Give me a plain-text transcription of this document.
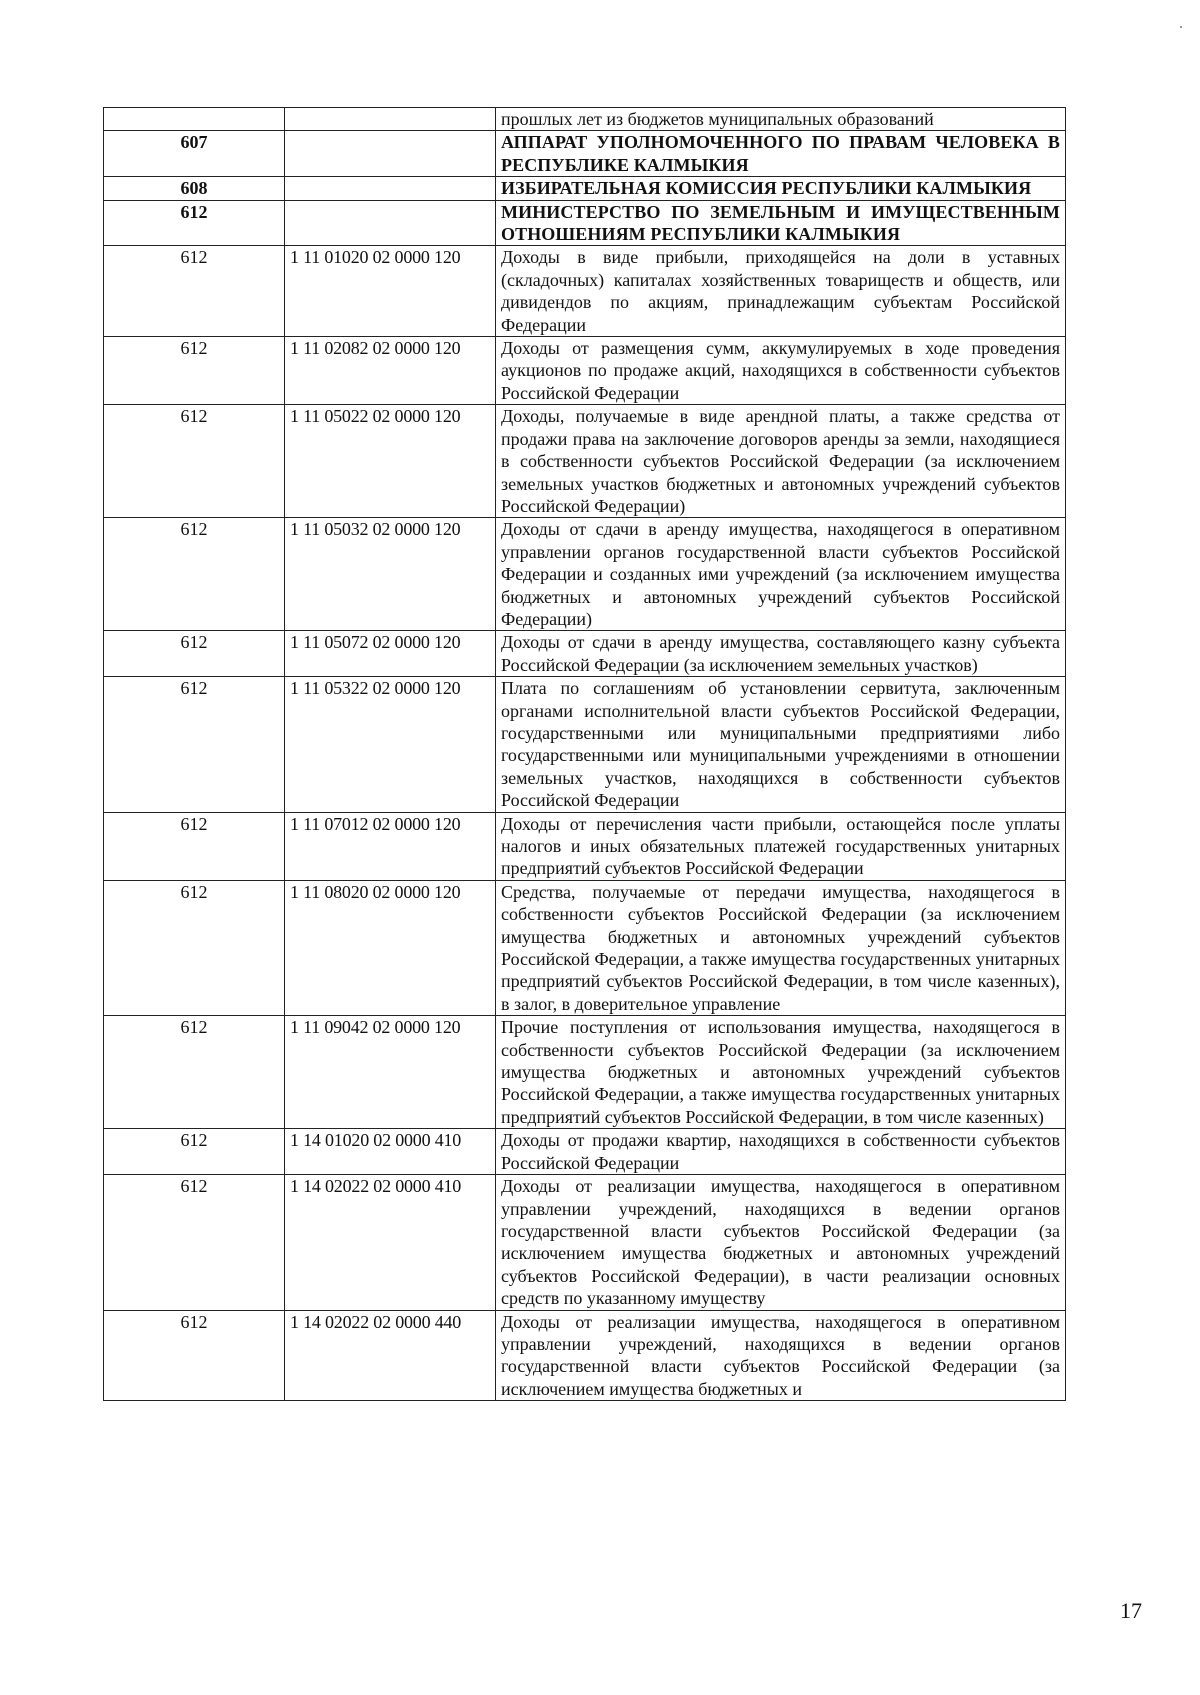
		прошлых лет из бюджетов муниципальных образований
607		АППАРАТ УПОЛНОМОЧЕННОГО ПО ПРАВАМ ЧЕЛОВЕКА В РЕСПУБЛИКЕ КАЛМЫКИЯ
608		ИЗБИРАТЕЛЬНАЯ КОМИССИЯ РЕСПУБЛИКИ КАЛМЫКИЯ
612		МИНИСТЕРСТВО ПО ЗЕМЕЛЬНЫМ И ИМУЩЕСТВЕННЫМ ОТНОШЕНИЯМ РЕСПУБЛИКИ КАЛМЫКИЯ
612	1 11 01020 02 0000 120	Доходы в виде прибыли, приходящейся на доли в уставных (складочных) капиталах хозяйственных товариществ и обществ, или дивидендов по акциям, принадлежащим субъектам Российской Федерации
612	1 11 02082 02 0000 120	Доходы от размещения сумм, аккумулируемых в ходе проведения аукционов по продаже акций, находящихся в собственности субъектов Российской Федерации
612	1 11 05022 02 0000 120	Доходы, получаемые в виде арендной платы, а также средства от продажи права на заключение договоров аренды за земли, находящиеся в собственности субъектов Российской Федерации (за исключением земельных участков бюджетных и автономных учреждений субъектов Российской Федерации)
612	1 11 05032 02 0000 120	Доходы от сдачи в аренду имущества, находящегося в оперативном управлении органов государственной власти субъектов Российской Федерации и созданных ими учреждений (за исключением имущества бюджетных и автономных учреждений субъектов Российской Федерации)
612	1 11 05072 02 0000 120	Доходы от сдачи в аренду имущества, составляющего казну субъекта Российской Федерации (за исключением земельных участков)
612	1 11 05322 02 0000 120	Плата по соглашениям об установлении сервитута, заключенным органами исполнительной власти субъектов Российской Федерации, государственными или муниципальными предприятиями либо государственными или муниципальными учреждениями в отношении земельных участков, находящихся в собственности субъектов Российской Федерации
612	1 11 07012 02 0000 120	Доходы от перечисления части прибыли, остающейся после уплаты налогов и иных обязательных платежей государственных унитарных предприятий субъектов Российской Федерации
612	1 11 08020 02 0000 120	Средства, получаемые от передачи имущества, находящегося в собственности субъектов Российской Федерации (за исключением имущества бюджетных и автономных учреждений субъектов Российской Федерации, а также имущества государственных унитарных предприятий субъектов Российской Федерации, в том числе казенных), в залог, в доверительное управление
612	1 11 09042 02 0000 120	Прочие поступления от использования имущества, находящегося в собственности субъектов Российской Федерации (за исключением имущества бюджетных и автономных учреждений субъектов Российской Федерации, а также имущества государственных унитарных предприятий субъектов Российской Федерации, в том числе казенных)
612	1 14 01020 02 0000 410	Доходы от продажи квартир, находящихся в собственности субъектов Российской Федерации
612	1 14 02022 02 0000 410	Доходы от реализации имущества, находящегося в оперативном управлении учреждений, находящихся в ведении органов государственной власти субъектов Российской Федерации (за исключением имущества бюджетных и автономных учреждений субъектов Российской Федерации), в части реализации основных средств по указанному имуществу
612	1 14 02022 02 0000 440	Доходы от реализации имущества, находящегося в оперативном управлении учреждений, находящихся в ведении органов государственной власти субъектов Российской Федерации (за исключением имущества бюджетных и
17
